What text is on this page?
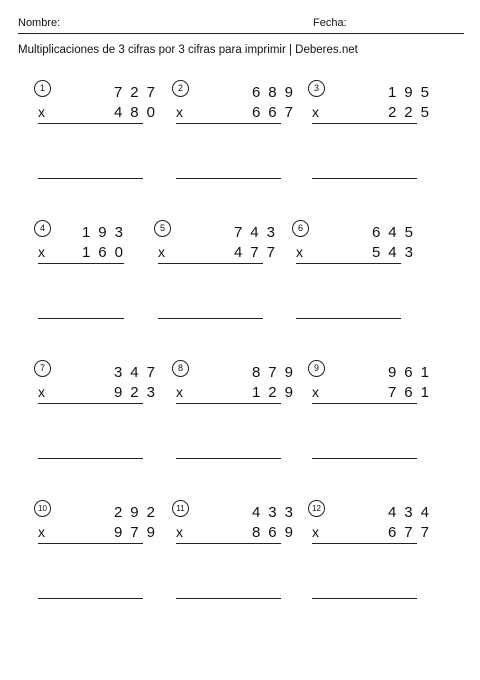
Nombre:	Fecha:
Multiplicaciones de 3 cifras por 3 cifras para imprimir | Deberes.net
1	727
x	480
2	689
x	667
3	195
x	225
4	193
x 160
5	743
x	477
6	645
x	543
7	347
x	923
8	879
x	129
9	961
x	761
10	292
x	979
11	433
x	869
12	434
x	677
